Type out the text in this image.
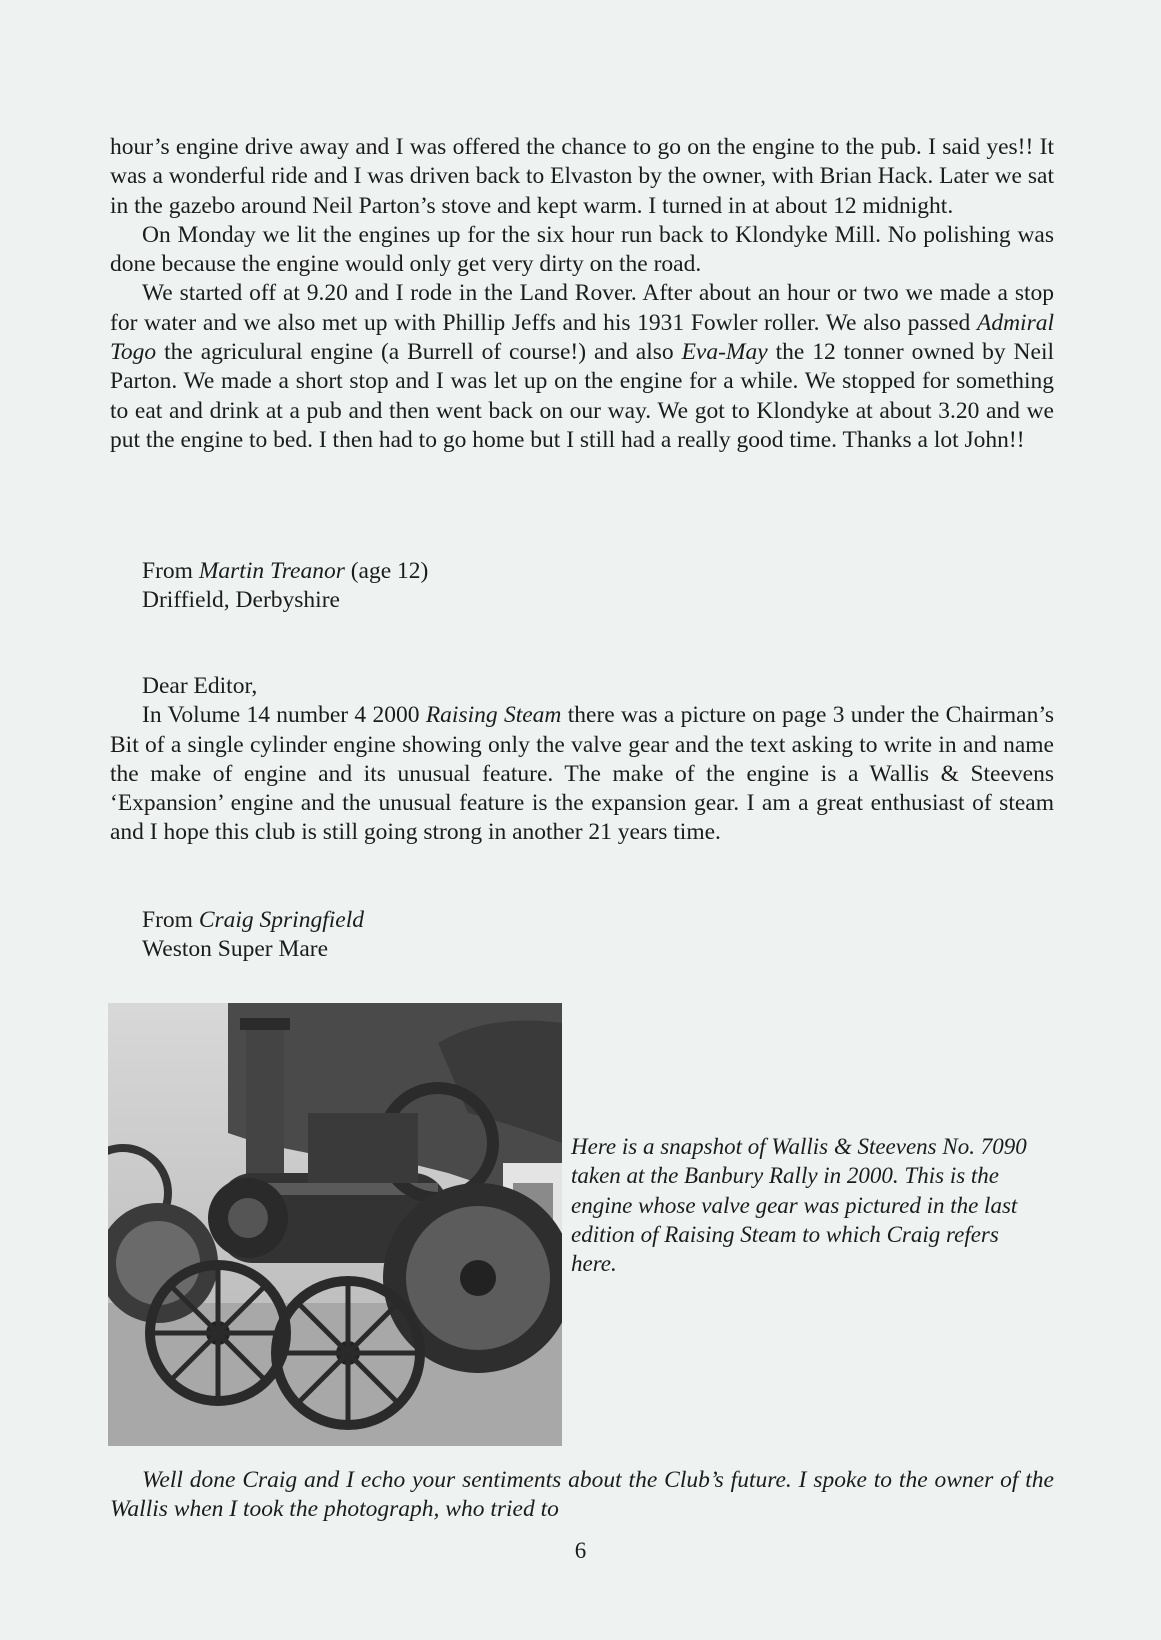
hour’s engine drive away and I was offered the chance to go on the engine to the pub. I said yes!! It was a wonderful ride and I was driven back to Elvaston by the owner, with Brian Hack. Later we sat in the gazebo around Neil Parton’s stove and kept warm. I turned in at about 12 midnight.

On Monday we lit the engines up for the six hour run back to Klondyke Mill. No polishing was done because the engine would only get very dirty on the road.

We started off at 9.20 and I rode in the Land Rover. After about an hour or two we made a stop for water and we also met up with Phillip Jeffs and his 1931 Fowler roller. We also passed Admiral Togo the agriculural engine (a Burrell of course!) and also Eva-May the 12 tonner owned by Neil Parton. We made a short stop and I was let up on the engine for a while. We stopped for something to eat and drink at a pub and then went back on our way. We got to Klondyke at about 3.20 and we put the engine to bed. I then had to go home but I still had a really good time. Thanks a lot John!!

From Martin Treanor (age 12)
Driffield, Derbyshire

Dear Editor,

In Volume 14 number 4 2000 Raising Steam there was a picture on page 3 under the Chairman’s Bit of a single cylinder engine showing only the valve gear and the text asking to write in and name the make of engine and its unusual feature. The make of the engine is a Wallis & Steevens ‘Expansion’ engine and the unusual feature is the expansion gear. I am a great enthusiast of steam and I hope this club is still going strong in another 21 years time.

From Craig Springfield
Weston Super Mare
Here is a snapshot of Wallis & Steevens No. 7090 taken at the Banbury Rally in 2000. This is the engine whose valve gear was pictured in the last edition of Raising Steam to which Craig refers here.

Well done Craig and I echo your sentiments about the Club’s future. I spoke to the owner of the Wallis when I took the photograph, who tried to

6
